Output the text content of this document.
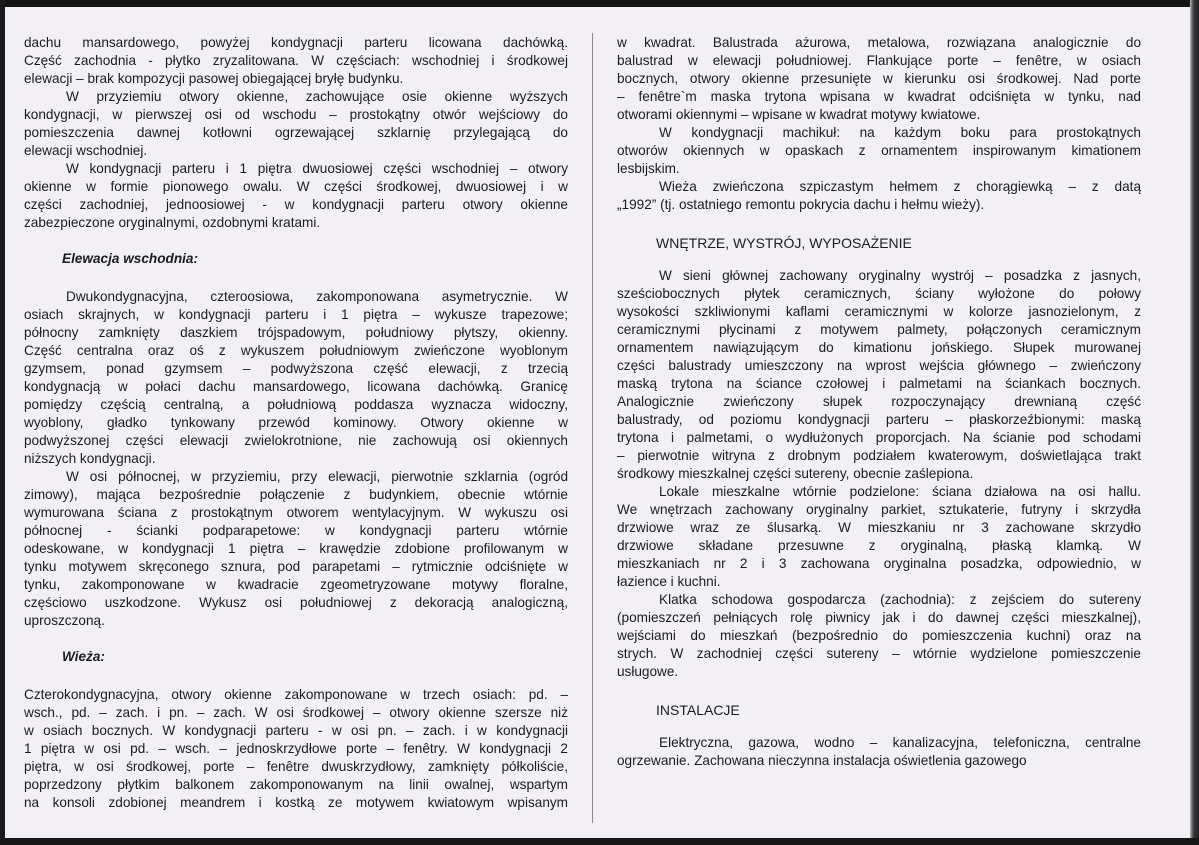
dachu mansardowego, powyżej kondygnacji parteru licowana dachówką.
Część zachodnia - płytko zryzalitowana. W częściach: wschodniej i środkowej
elewacji – brak kompozycji pasowej obiegającej bryłę budynku.
W przyziemiu otwory okienne, zachowujące osie okienne wyższych
kondygnacji, w pierwszej osi od wschodu – prostokątny otwór wejściowy do
pomieszczenia dawnej kotłowni ogrzewającej szklarnię przylegającą do
elewacji wschodniej.
W kondygnacji parteru i 1 piętra dwuosiowej części wschodniej – otwory
okienne w formie pionowego owalu. W części środkowej, dwuosiowej i w
części zachodniej, jednoosiowej - w kondygnacji parteru otwory okienne
zabezpieczone oryginalnymi, ozdobnymi kratami.
Elewacja wschodnia:
Dwukondygnacyjna, czteroosiowa, zakomponowana asymetrycznie. W
osiach skrajnych, w kondygnacji parteru i 1 piętra – wykusze trapezowe;
północny zamknięty daszkiem trójspadowym, południowy płytszy, okienny.
Część centralna oraz oś z wykuszem południowym zwieńczone wyoblonym
gzymsem, ponad gzymsem – podwyższona część elewacji, z trzecią
kondygnacją w połaci dachu mansardowego, licowana dachówką. Granicę
pomiędzy częścią centralną, a południową poddasza wyznacza widoczny,
wyoblony, gładko tynkowany przewód kominowy. Otwory okienne w
podwyższonej części elewacji zwielokrotnione, nie zachowują osi okiennych
niższych kondygnacji.
W osi północnej, w przyziemiu, przy elewacji, pierwotnie szklarnia (ogród
zimowy), mająca bezpośrednie połączenie z budynkiem, obecnie wtórnie
wymurowana ściana z prostokątnym otworem wentylacyjnym. W wykuszu osi
północnej - ścianki podparapetowe: w kondygnacji parteru wtórnie
odeskowane, w kondygnacji 1 piętra – krawędzie zdobione profilowanym w
tynku motywem skręconego sznura, pod parapetami – rytmicznie odciśnięte w
tynku, zakomponowane w kwadracie zgeometryzowane motywy floralne,
częściowo uszkodzone. Wykusz osi południowej z dekoracją analogiczną,
uproszczoną.
Wieża:
Czterokondygnacyjna, otwory okienne zakomponowane w trzech osiach: pd. –
wsch., pd. – zach. i pn. – zach. W osi środkowej – otwory okienne szersze niż
w osiach bocznych. W kondygnacji parteru - w osi pn. – zach. i w kondygnacji
1 piętra w osi pd. – wsch. – jednoskrzydłowe porte – fenêtry. W kondygnacji 2
piętra, w osi środkowej, porte – fenêtre dwuskrzydłowy, zamknięty półkoliście,
poprzedzony płytkim balkonem zakomponowanym na linii owalnej, wspartym
na konsoli zdobionej meandrem i kostką ze motywem kwiatowym wpisanym
w kwadrat. Balustrada ażurowa, metalowa, rozwiązana analogicznie do
balustrad w elewacji południowej. Flankujące porte – fenêtre, w osiach
bocznych, otwory okienne przesunięte w kierunku osi środkowej. Nad porte
– fenêtre`m maska trytona wpisana w kwadrat odciśnięta w tynku, nad
otworami okiennymi – wpisane w kwadrat motywy kwiatowe.
W kondygnacji machikuł: na każdym boku para prostokątnych
otworów okiennych w opaskach z ornamentem inspirowanym kimationem
lesbijskim.
Wieża zwieńczona szpiczastym hełmem z chorągiewką – z datą
„1992” (tj. ostatniego remontu pokrycia dachu i hełmu wieży).
WNĘTRZE, WYSTRÓJ, WYPOSAŻENIE
W sieni głównej zachowany oryginalny wystrój – posadzka z jasnych,
sześciobocznych płytek ceramicznych, ściany wyłożone do połowy
wysokości szkliwionymi kaflami ceramicznymi w kolorze jasnozielonym, z
ceramicznymi płycinami z motywem palmety, połączonych ceramicznym
ornamentem nawiązującym do kimationu jońskiego. Słupek murowanej
części balustrady umieszczony na wprost wejścia głównego – zwieńczony
maską trytona na ściance czołowej i palmetami na ściankach bocznych.
Analogicznie zwieńczony słupek rozpoczynający drewnianą część
balustrady, od poziomu kondygnacji parteru – płaskorzeźbionymi: maską
trytona i palmetami, o wydłużonych proporcjach. Na ścianie pod schodami
– pierwotnie witryna z drobnym podziałem kwaterowym, doświetlająca trakt
środkowy mieszkalnej części sutereny, obecnie zaślepiona.
Lokale mieszkalne wtórnie podzielone: ściana działowa na osi hallu.
We wnętrzach zachowany oryginalny parkiet, sztukaterie, futryny i skrzydła
drzwiowe wraz ze ślusarką. W mieszkaniu nr 3 zachowane skrzydło
drzwiowe składane przesuwne z oryginalną, płaską klamką. W
mieszkaniach nr 2 i 3 zachowana oryginalna posadzka, odpowiednio, w
łazience i kuchni.
Klatka schodowa gospodarcza (zachodnia): z zejściem do sutereny
(pomieszczeń pełniących rolę piwnicy jak i do dawnej części mieszkalnej),
wejściami do mieszkań (bezpośrednio do pomieszczenia kuchni) oraz na
strych. W zachodniej części sutereny – wtórnie wydzielone pomieszczenie
usługowe.
INSTALACJE
Elektryczna, gazowa, wodno – kanalizacyjna, telefoniczna, centralne
ogrzewanie. Zachowana nieczynna instalacja oświetlenia gazowego
